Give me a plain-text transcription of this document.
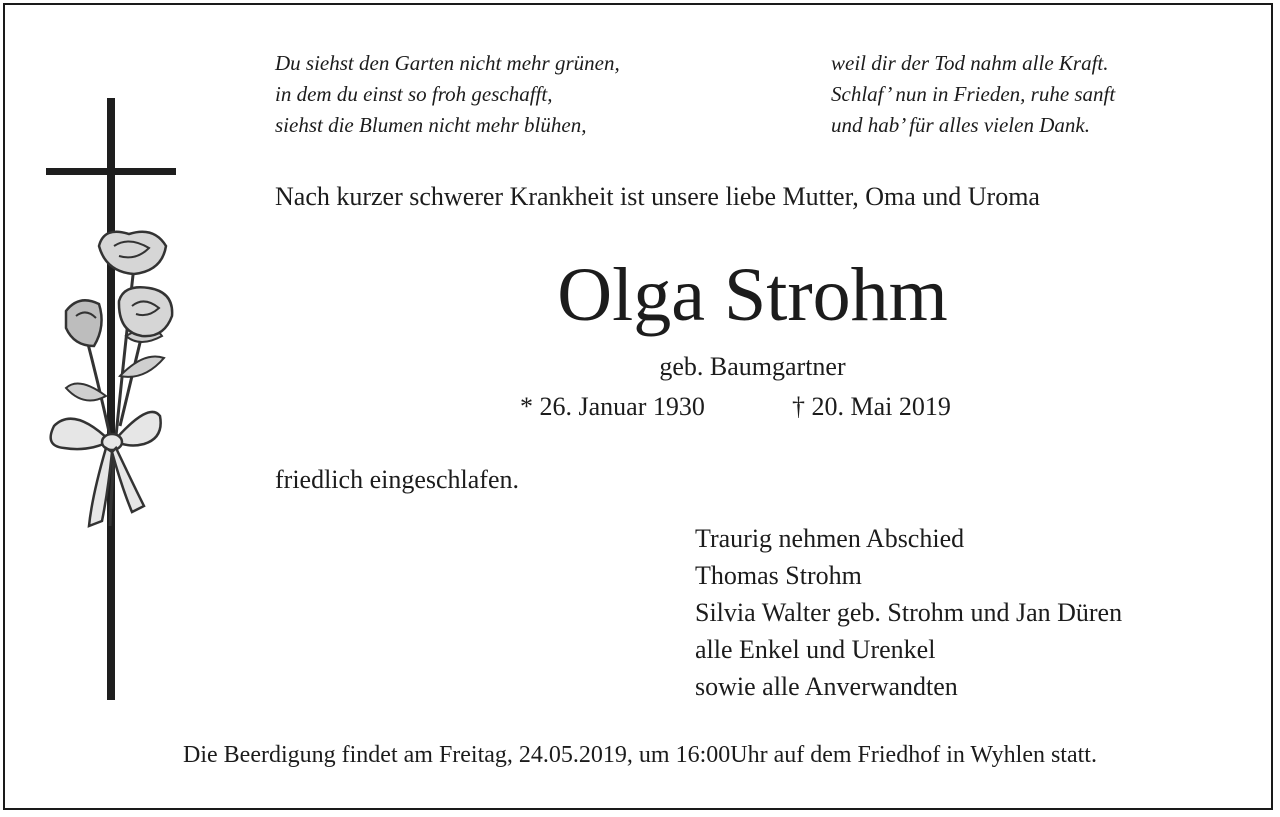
Du siehst den Garten nicht mehr grünen,
in dem du einst so froh geschafft,
siehst die Blumen nicht mehr blühen,
weil dir der Tod nahm alle Kraft.
Schlaf’ nun in Frieden, ruhe sanft
und hab’ für alles vielen Dank.
Nach kurzer schwerer Krankheit ist unsere liebe Mutter, Oma und Uroma
Olga Strohm
geb. Baumgartner
* 26. Januar 1930	† 20. Mai 2019
friedlich eingeschlafen.
Traurig nehmen Abschied
Thomas Strohm
Silvia Walter geb. Strohm und Jan Düren
alle Enkel und Urenkel
sowie alle Anverwandten
Die Beerdigung findet am Freitag, 24.05.2019, um 16:00Uhr auf dem Friedhof in Wyhlen statt.
